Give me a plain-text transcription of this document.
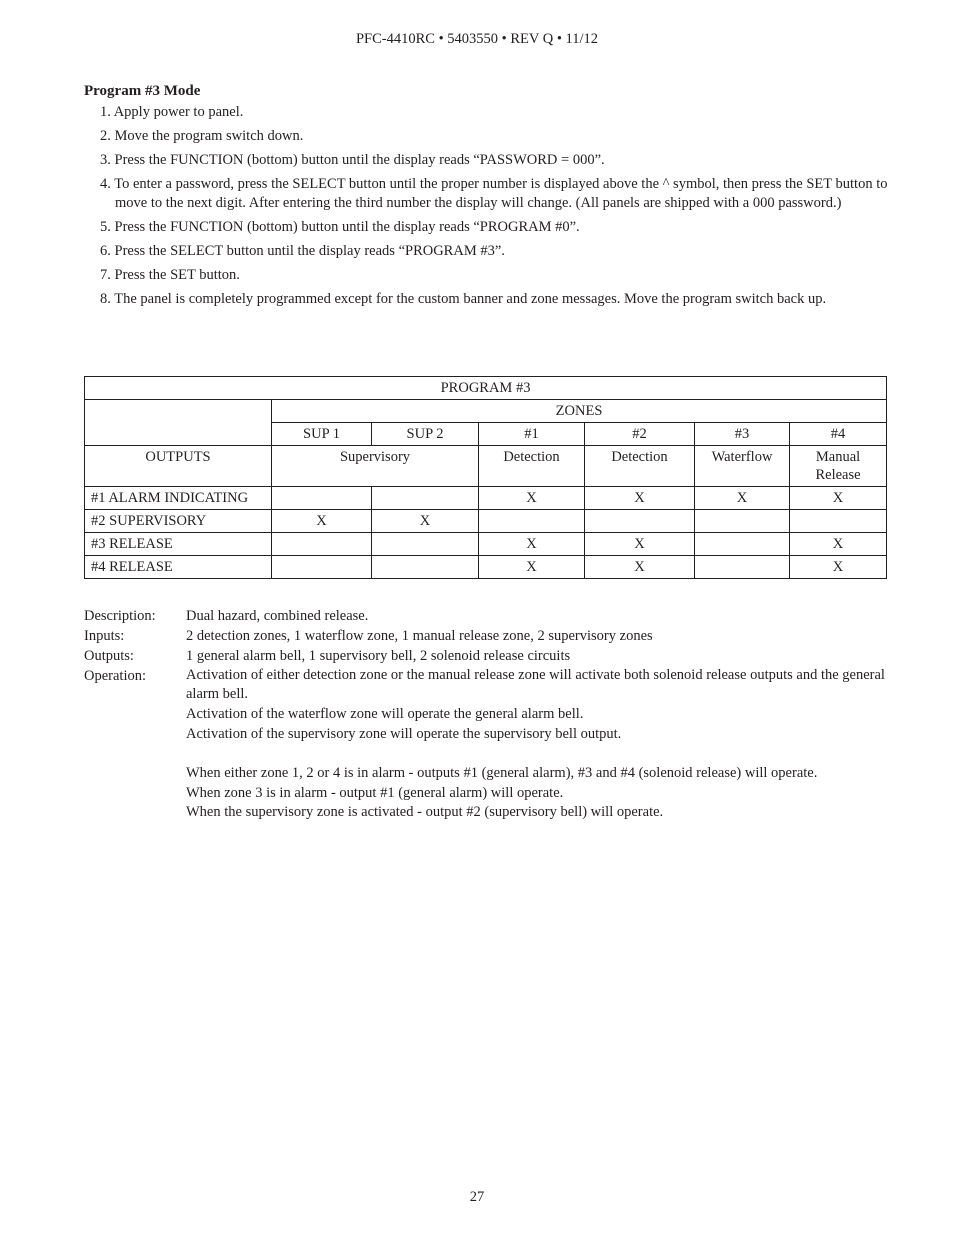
PFC-4410RC • 5403550 • REV Q • 11/12
Program #3 Mode
1. Apply power to panel.
2. Move the program switch down.
3. Press the FUNCTION (bottom) button until the display reads “PASSWORD = 000”.
4. To enter a password, press the SELECT button until the proper number is displayed above the ^ symbol, then press the SET button to move to the next digit. After entering the third number the display will change. (All panels are shipped with a 000 password.)
5. Press the FUNCTION (bottom) button until the display reads “PROGRAM #0”.
6. Press the SELECT button until the display reads “PROGRAM #3”.
7. Press the SET button.
8. The panel is completely programmed except for the custom banner and zone messages. Move the program switch back up.
PROGRAM #3						
	ZONES					
	SUP 1	SUP 2	#1	#2	#3	#4
OUTPUTS	Supervisory		Detection	Detection	Waterflow	Manual
Release
#1 ALARM INDICATING			X	X	X	X
#2 SUPERVISORY	X	X				
#3 RELEASE			X	X		X
#4 RELEASE			X	X		X
Description:	Dual hazard, combined release.
Inputs:	2 detection zones, 1 waterflow zone, 1 manual release zone, 2 supervisory zones
Outputs:	1 general alarm bell, 1 supervisory bell, 2 solenoid release circuits
Operation:	Activation of either detection zone or the manual release zone will activate both solenoid release outputs and the general alarm bell.
Activation of the waterflow zone will operate the general alarm bell.
Activation of the supervisory zone will operate the supervisory bell output.
When either zone 1, 2 or 4 is in alarm - outputs #1 (general alarm), #3 and #4 (solenoid release) will operate.
When zone 3 is in alarm - output #1 (general alarm) will operate.
When the supervisory zone is activated - output #2 (supervisory bell) will operate.
27
